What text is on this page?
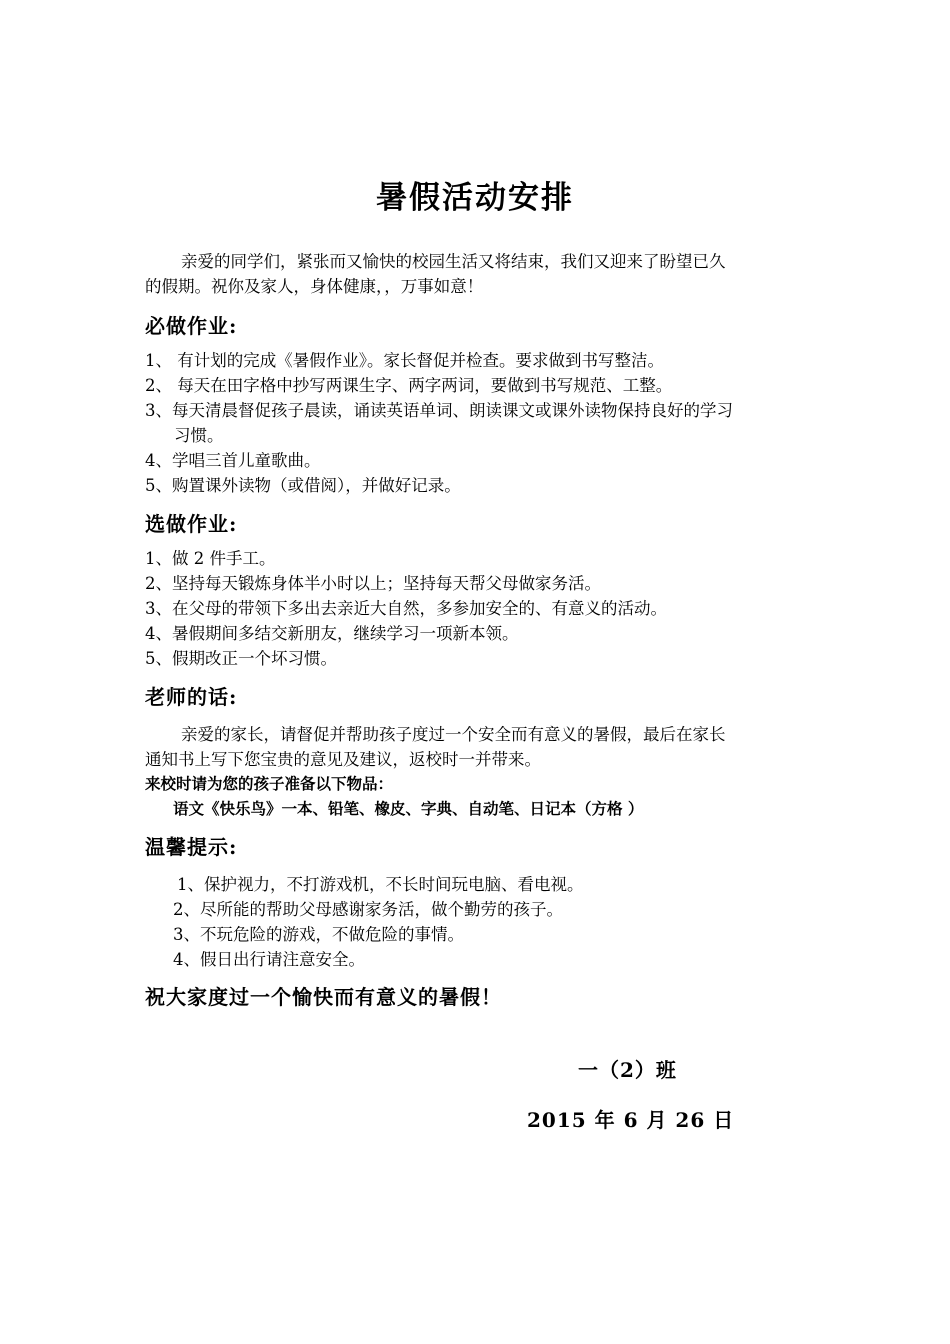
暑假活动安排
亲爱的同学们，紧张而又愉快的校园生活又将结束，我们又迎来了盼望已久
的假期。祝你及家人，身体健康，，万事如意！
必做作业:
1、 有计划的完成《暑假作业》。家长督促并检查。要求做到书写整洁。
2、 每天在田字格中抄写两课生字、两字两词，要做到书写规范、工整。
3、每天清晨督促孩子晨读，诵读英语单词、朗读课文或课外读物保持良好的学习
习惯。
4、学唱三首儿童歌曲。
5、购置课外读物（或借阅），并做好记录。
选做作业:
1、做 2 件手工。
2、坚持每天锻炼身体半小时以上；坚持每天帮父母做家务活。
3、在父母的带领下多出去亲近大自然，多参加安全的、有意义的活动。
4、暑假期间多结交新朋友，继续学习一项新本领。
5、假期改正一个坏习惯。
老师的话:
亲爱的家长，请督促并帮助孩子度过一个安全而有意义的暑假，最后在家长
通知书上写下您宝贵的意见及建议，返校时一并带来。
来校时请为您的孩子准备以下物品：
语文《快乐鸟》一本、铅笔、橡皮、字典、自动笔、日记本（方格 ）
温馨提示:
1、保护视力，不打游戏机，不长时间玩电脑、看电视。
2、尽所能的帮助父母感谢家务活，做个勤劳的孩子。
3、不玩危险的游戏，不做危险的事情。
4、假日出行请注意安全。
祝大家度过一个愉快而有意义的暑假！
一（2）班
2015 年 6 月 26 日
